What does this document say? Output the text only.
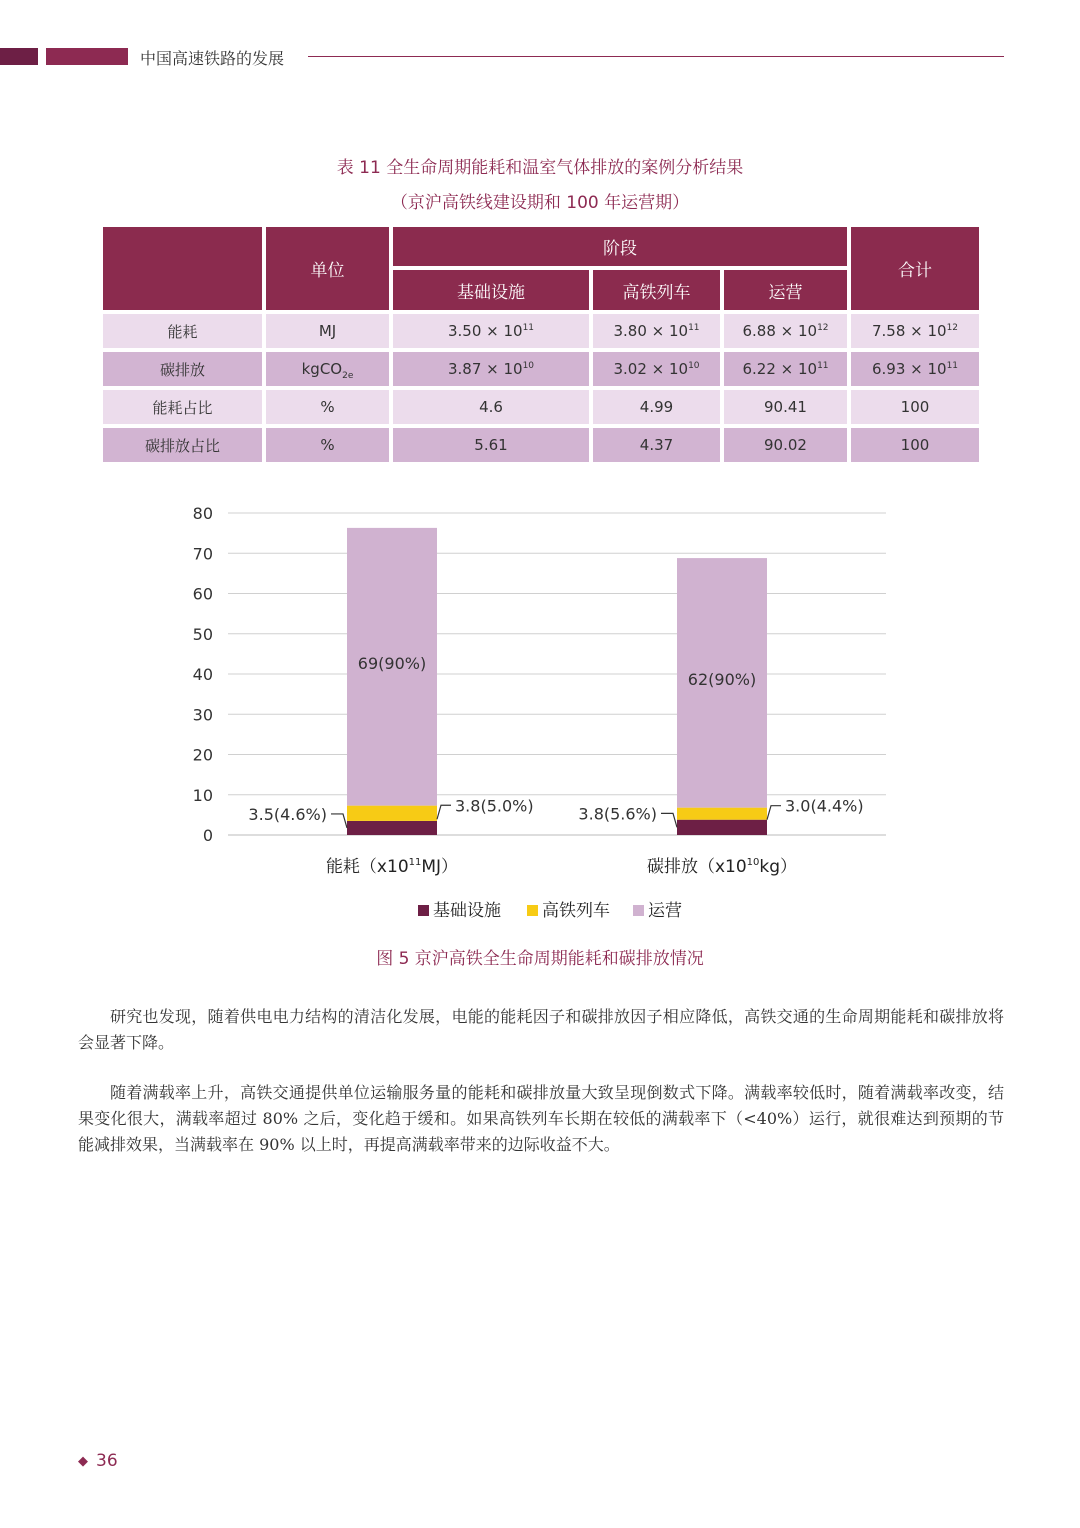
中国高速铁路的发展
表 11 全生命周期能耗和温室气体排放的案例分析结果
（京沪高铁线建设期和 100 年运营期）
	单位	阶段			合计
		基础设施	高铁列车	运营	
能耗	MJ	$3.50 \times 10^{11}$	$3.80 \times 10^{11}$	$6.88 \times 10^{12}$	$7.58 \times 10^{12}$
碳排放	kgCO$_{2e}$	$3.87 \times 10^{10}$	$3.02 \times 10^{10}$	$6.22 \times 10^{11}$	$6.93 \times 10^{11}$
能耗占比	%	4.6	4.99	90.41	100
碳排放占比	%	5.61	4.37	90.02	100
0
10
20
30
40
50
60
70
80
3.5(4.6%)	3.8(5.0%)
69(90%)
能耗$(x10^{11}MJ)$
3.8(5.6%)	3.0(4.4%)
62(90%)
碳排放$(x10^{10}kg)$
基础设施 高铁列车 运营
图 5 京沪高铁全生命周期能耗和碳排放情况

研究也发现，随着供电电力结构的清洁化发展，电能的能耗因子和碳排放因子相应降低，高铁交通的生命周期能耗和碳排放将会显著下降。

随着满载率上升，高铁交通提供单位运输服务量的能耗和碳排放量大致呈现倒数式下降。满载率较低时，随着满载率改变，结果变化很大，满载率超过 80% 之后，变化趋于缓和。如果高铁列车长期在较低的满载率下（<40%）运行，就很难达到预期的节能减排效果，当满载率在 90% 以上时，再提高满载率带来的边际收益不大。

◆ 36
